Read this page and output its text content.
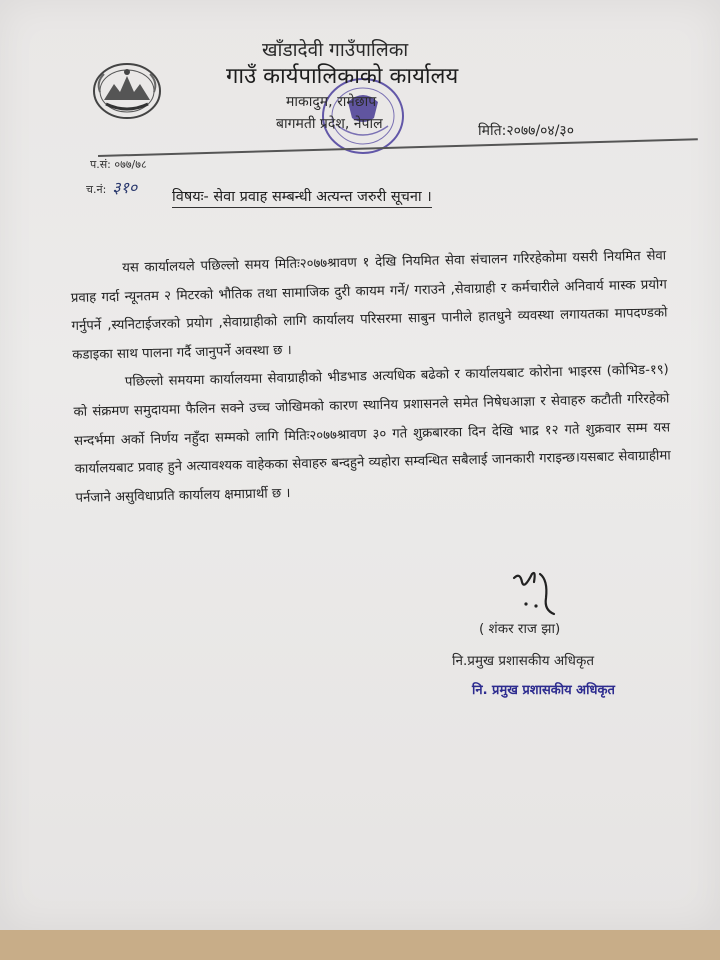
खाँडादेवी गाउँपालिका
गाउँ कार्यपालिकाको कार्यालय
माकादुम, रामेछाप
बागमती प्रदेश, नेपाल	मिति:२०७७/०४/३०
प.सं: ०७७/७८
च.नं: ३१० विषयः- सेवा प्रवाह सम्बन्धी अत्यन्त जरुरी सूचना ।

यस कार्यालयले पछिल्लो समय मितिः२०७७श्रावण १ देखि नियमित सेवा संचालन गरिरहेकोमा यसरी नियमित सेवा प्रवाह गर्दा न्यूनतम २ मिटरको भौतिक तथा सामाजिक दुरी कायम गर्ने/ गराउने ,सेवाग्राही र कर्मचारीले अनिवार्य मास्क प्रयोग गर्नुपर्ने ,स्यनिटाईजरको प्रयोग ,सेवाग्राहीको लागि कार्यालय परिसरमा साबुन पानीले हातधुने व्यवस्था लगायतका मापदण्डको कडाइका साथ पालना गर्दै जानुपर्ने अवस्था छ ।

पछिल्लो समयमा कार्यालयमा सेवाग्राहीको भीडभाड अत्यधिक बढेको र कार्यालयबाट कोरोना भाइरस (कोभिड-१९) को संक्रमण समुदायमा फैलिन सक्ने उच्च जोखिमको कारण स्थानिय प्रशासनले समेत निषेधआज्ञा र सेवाहरु कटौती गरिरहेको सन्दर्भमा अर्को निर्णय नहुँदा सम्मको लागि मितिः२०७७श्रावण ३० गते शुक्रबारका दिन देखि भाद्र १२ गते शुक्रवार सम्म यस कार्यालयबाट प्रवाह हुने अत्यावश्यक वाहेकका सेवाहरु बन्दहुने व्यहोरा सम्वन्धित सबैलाई जानकारी गराइन्छ।यसबाट सेवाग्राहीमा पर्नजाने असुविधाप्रति कार्यालय क्षमाप्रार्थी छ ।

( शंकर राज झा)
नि.प्रमुख प्रशासकीय अधिकृत
नि. प्रमुख प्रशासकीय अधिकृत
